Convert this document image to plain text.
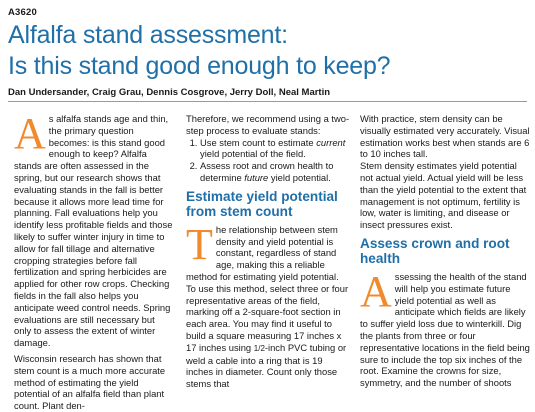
A3620
Alfalfa stand assessment:
Is this stand good enough to keep?
Dan Undersander, Craig Grau, Dennis Cosgrove, Jerry Doll, Neal Martin

As alfalfa stands age and thin, the primary question becomes: is this stand good enough to keep? Alfalfa stands are often assessed in the spring, but our research shows that evaluating stands in the fall is better because it allows more lead time for planning. Fall evaluations help you identify less profitable fields and those likely to suffer winter injury in time to allow for fall tillage and alternative cropping strategies before fall fertilization and spring herbicides are applied for other row crops. Checking fields in the fall also helps you anticipate weed control needs. Spring evaluations are still necessary but only to assess the extent of winter damage.

Wisconsin research has shown that stem count is a much more accurate method of estimating the yield potential of an alfalfa field than plant count. Plant den-

Therefore, we recommend using a two-step process to evaluate stands:

1. Use stem count to estimate current yield potential of the field.
2. Assess root and crown health to determine future yield potential.
Estimate yield potential from stem count

The relationship between stem density and yield potential is constant, regardless of stand age, making this a reliable method for estimating yield potential. To use this method, select three or four representative areas of the field, marking off a 2-square-foot section in each area. You may find it useful to build a square measuring 17 inches x 17 inches using 1/2-inch PVC tubing or weld a cable into a ring that is 19 inches in diameter. Count only those stems that

With practice, stem density can be visually estimated very accurately. Visual estimation works best when stands are 6 to 10 inches tall.

Stem density estimates yield potential not actual yield. Actual yield will be less than the yield potential to the extent that management is not optimum, fertility is low, water is limiting, and disease or insect pressures exist.

Assess crown and root health

Assessing the health of the stand will help you estimate future yield potential as well as anticipate which fields are likely to suffer yield loss due to winterkill. Dig the plants from three or four representative locations in the field being sure to include the top six inches of the root. Examine the crowns for size, symmetry, and the number of shoots
